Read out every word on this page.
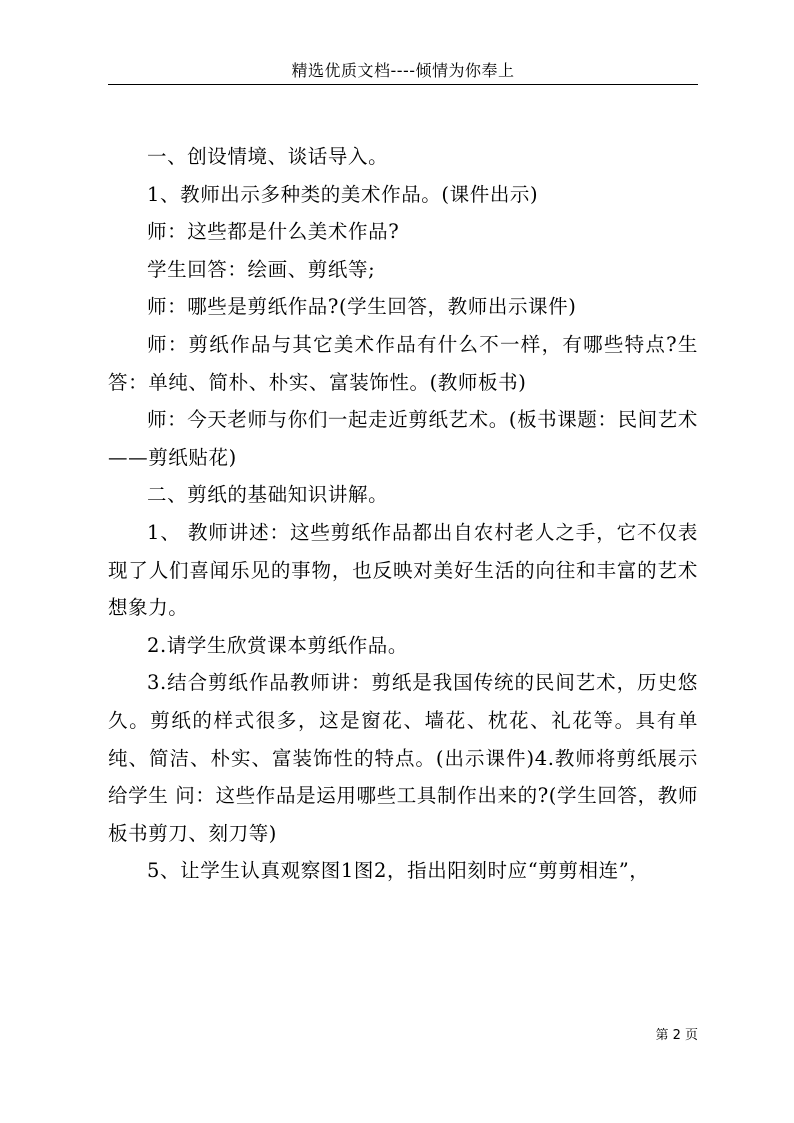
精选优质文档----倾情为你奉上

一、创设情境、谈话导入。

1、教师出示多种类的美术作品。(课件出示)

师：这些都是什么美术作品?

学生回答：绘画、剪纸等;

师：哪些是剪纸作品?(学生回答，教师出示课件)

师：剪纸作品与其它美术作品有什么不一样，有哪些特点?生答：单纯、简朴、朴实、富装饰性。(教师板书)

师：今天老师与你们一起走近剪纸艺术。(板书课题：民间艺术——剪纸贴花)

二、剪纸的基础知识讲解。

1、 教师讲述：这些剪纸作品都出自农村老人之手，它不仅表现了人们喜闻乐见的事物，也反映对美好生活的向往和丰富的艺术想象力。

2.请学生欣赏课本剪纸作品。

3.结合剪纸作品教师讲：剪纸是我国传统的民间艺术，历史悠久。剪纸的样式很多，这是窗花、墙花、枕花、礼花等。具有单纯、简洁、朴实、富装饰性的特点。(出示课件)4.教师将剪纸展示给学生 问：这些作品是运用哪些工具制作出来的?(学生回答，教师板书剪刀、刻刀等)

5、让学生认真观察图1图2，指出阳刻时应“剪剪相连”，

第 2 页
